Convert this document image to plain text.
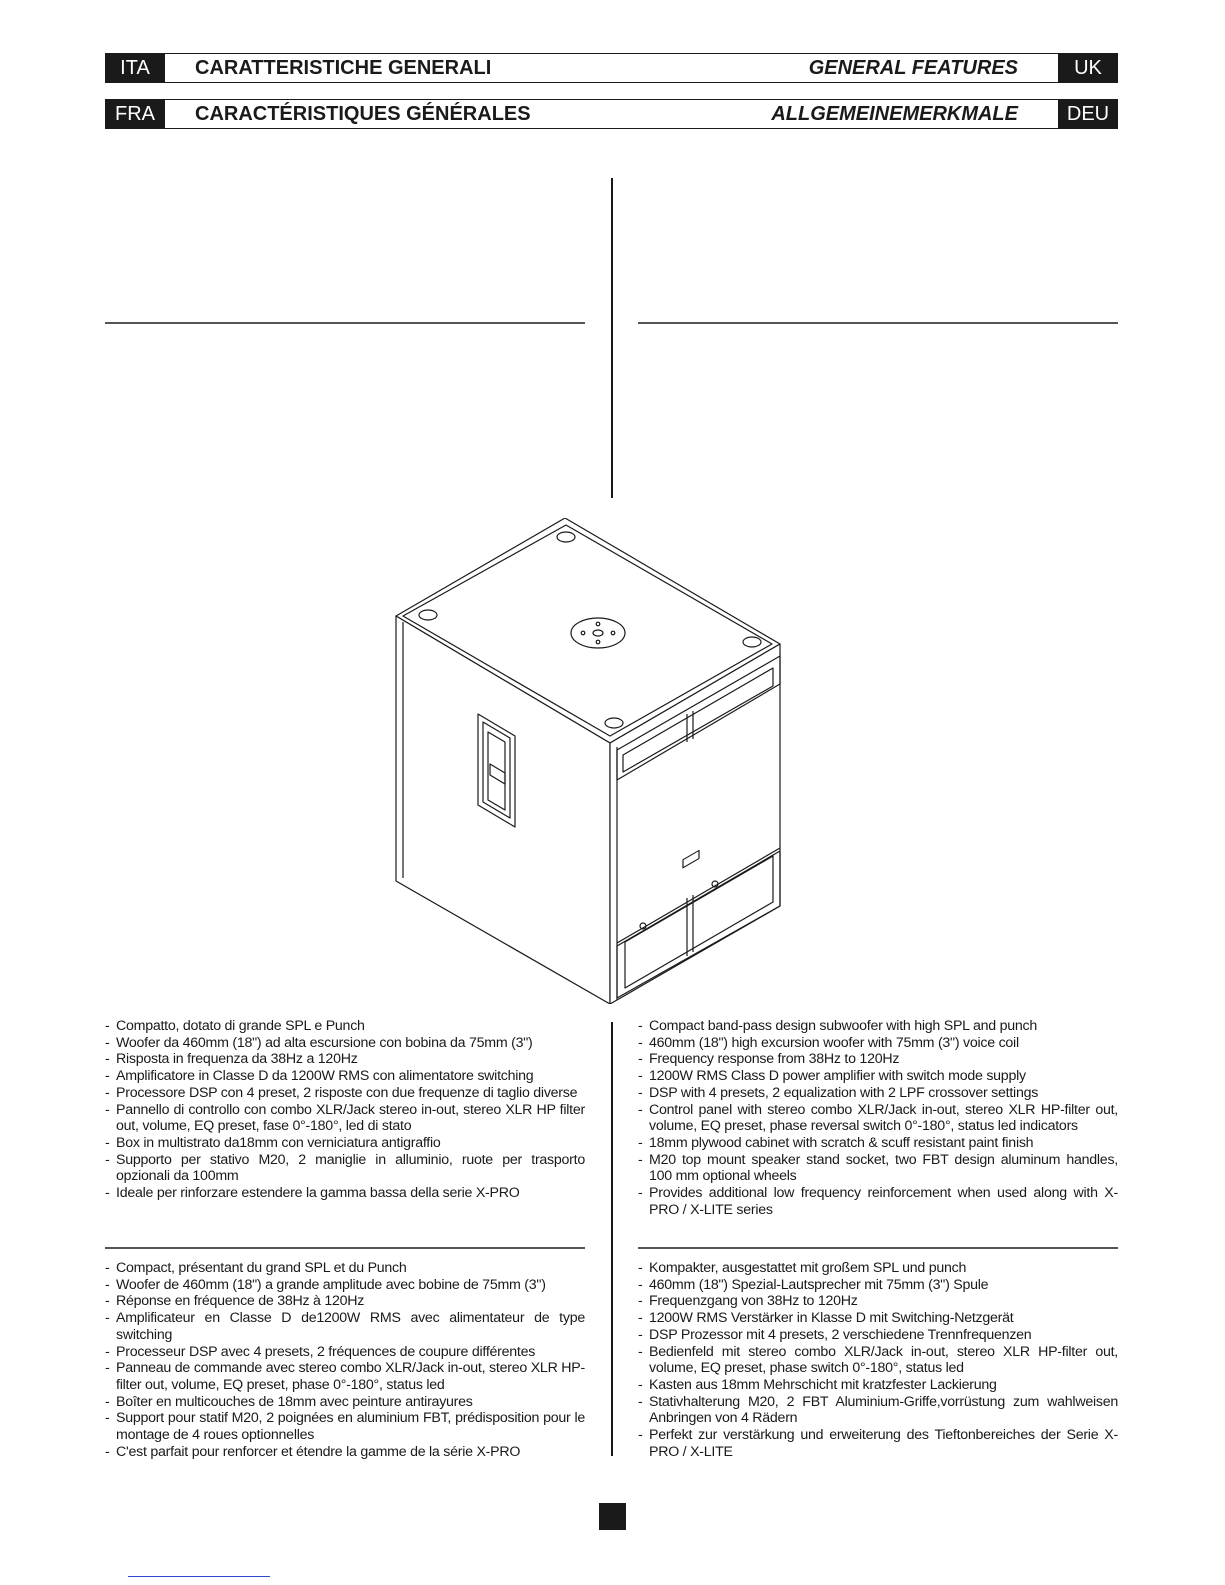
ITA	CARATTERISTICHE GENERALI	GENERAL FEATURES	UK
FRA	CARACTÉRISTIQUES GÉNÉRALES	ALLGEMEINEMERKMALE	DEU
- Compatto, dotato di grande SPL e Punch
- Woofer da 460mm (18") ad alta escursione con bobina da 75mm (3")
- Risposta in frequenza da 38Hz a 120Hz
- Amplificatore in Classe D da 1200W RMS con alimentatore switching
- Processore DSP con 4 preset, 2 risposte con due frequenze di taglio diverse
- Pannello di controllo con combo XLR/Jack stereo in-out, stereo XLR HP filter out, volume, EQ preset, fase 0°-180°, led di stato
- Box in multistrato da18mm con verniciatura antigraffio
- Supporto per stativo M20, 2 maniglie in alluminio, ruote per trasporto opzionali da 100mm
- Ideale per rinforzare estendere la gamma bassa della serie X-PRO
- Compact band-pass design subwoofer with high SPL and punch
- 460mm (18") high excursion woofer with 75mm (3") voice coil
- Frequency response from 38Hz to 120Hz
- 1200W RMS Class D power amplifier with switch mode supply
- DSP with 4 presets, 2 equalization with 2 LPF crossover settings
- Control panel with stereo combo XLR/Jack in-out, stereo XLR HP-filter out, volume, EQ preset, phase reversal switch 0°-180°, status led indicators
- 18mm plywood cabinet with scratch & scuff resistant paint finish
- M20 top mount speaker stand socket, two FBT design aluminum handles, 100 mm optional wheels
- Provides additional low frequency reinforcement when used along with X-PRO / X-LITE series
- Compact, présentant du grand SPL et du Punch
- Woofer de 460mm (18") a grande amplitude avec bobine de 75mm (3")
- Réponse en fréquence de 38Hz à 120Hz
- Amplificateur en Classe D de1200W RMS avec alimentateur de type switching
- Processeur DSP avec 4 presets, 2 fréquences de coupure différentes
- Panneau de commande avec stereo combo XLR/Jack in-out, stereo XLR HP-filter out, volume, EQ preset, phase 0°-180°, status led
- Boîter en multicouches de 18mm avec peinture antirayures
- Support pour statif M20, 2 poignées en aluminium FBT, prédisposition pour le montage de 4 roues optionnelles
- C'est parfait pour renforcer et étendre la gamme de la série X-PRO
- Kompakter, ausgestattet mit großem SPL und punch
- 460mm (18") Spezial-Lautsprecher mit 75mm (3") Spule
- Frequenzgang von 38Hz to 120Hz
- 1200W RMS Verstärker in Klasse D mit Switching-Netzgerät
- DSP Prozessor mit 4 presets, 2 verschiedene Trennfrequenzen
- Bedienfeld mit stereo combo XLR/Jack in-out, stereo XLR HP-filter out, volume, EQ preset, phase switch 0°-180°, status led
- Kasten aus 18mm Mehrschicht mit kratzfester Lackierung
- Stativhalterung M20, 2 FBT Aluminium-Griffe,vorrüstung zum wahlweisen Anbringen von 4 Rädern
- Perfekt zur verstärkung und erweiterung des Tieftonbereiches der Serie X-PRO / X-LITE
